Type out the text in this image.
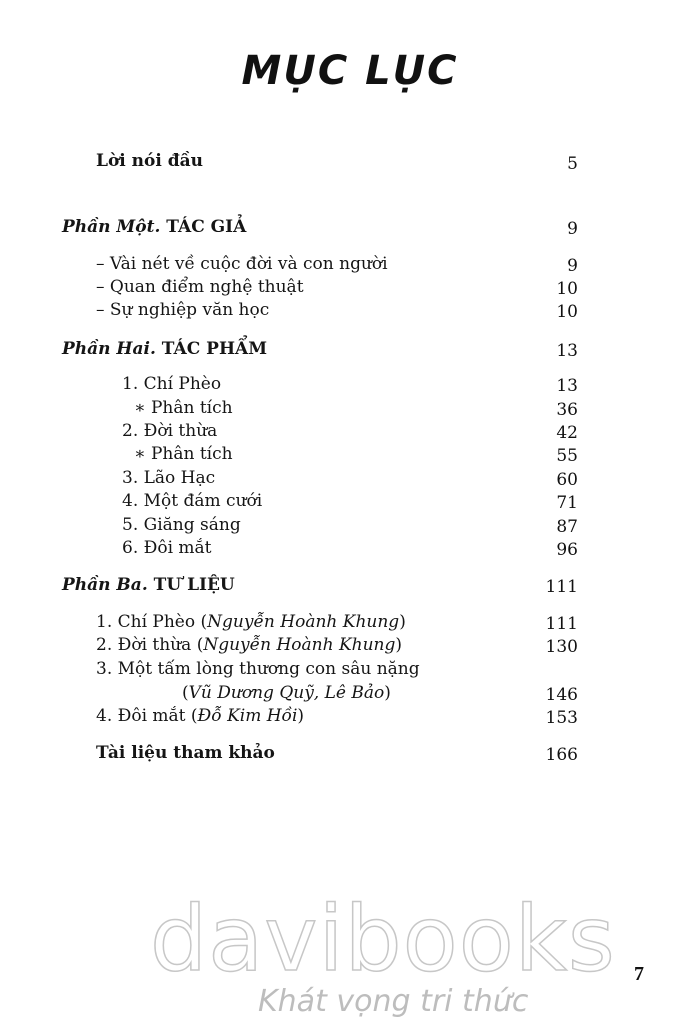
MỤC LỤC
Lời nói đầu	5
Phần Một. TÁC GIẢ	9
– Vài nét về cuộc đời và con người	9
– Quan điểm nghệ thuật	10
– Sự nghiệp văn học	10
Phần Hai. TÁC PHẨM	13
1. Chí Phèo	13
∗ Phân tích	36
2. Đời thừa	42
∗ Phân tích	55
3. Lão Hạc	60
4. Một đám cưới	71
5. Giăng sáng	87
6. Đôi mắt	96
Phần Ba. TƯ LIỆU	111
1. Chí Phèo (Nguyễn Hoành Khung)	111
2. Đời thừa (Nguyễn Hoành Khung)	130
3. Một tấm lòng thương con sâu nặng
(Vũ Dương Quỹ, Lê Bảo)	146
4. Đôi mắt (Đỗ Kim Hồi)	153
Tài liệu tham khảo	166
davibooks
Khát vọng tri thức
7
